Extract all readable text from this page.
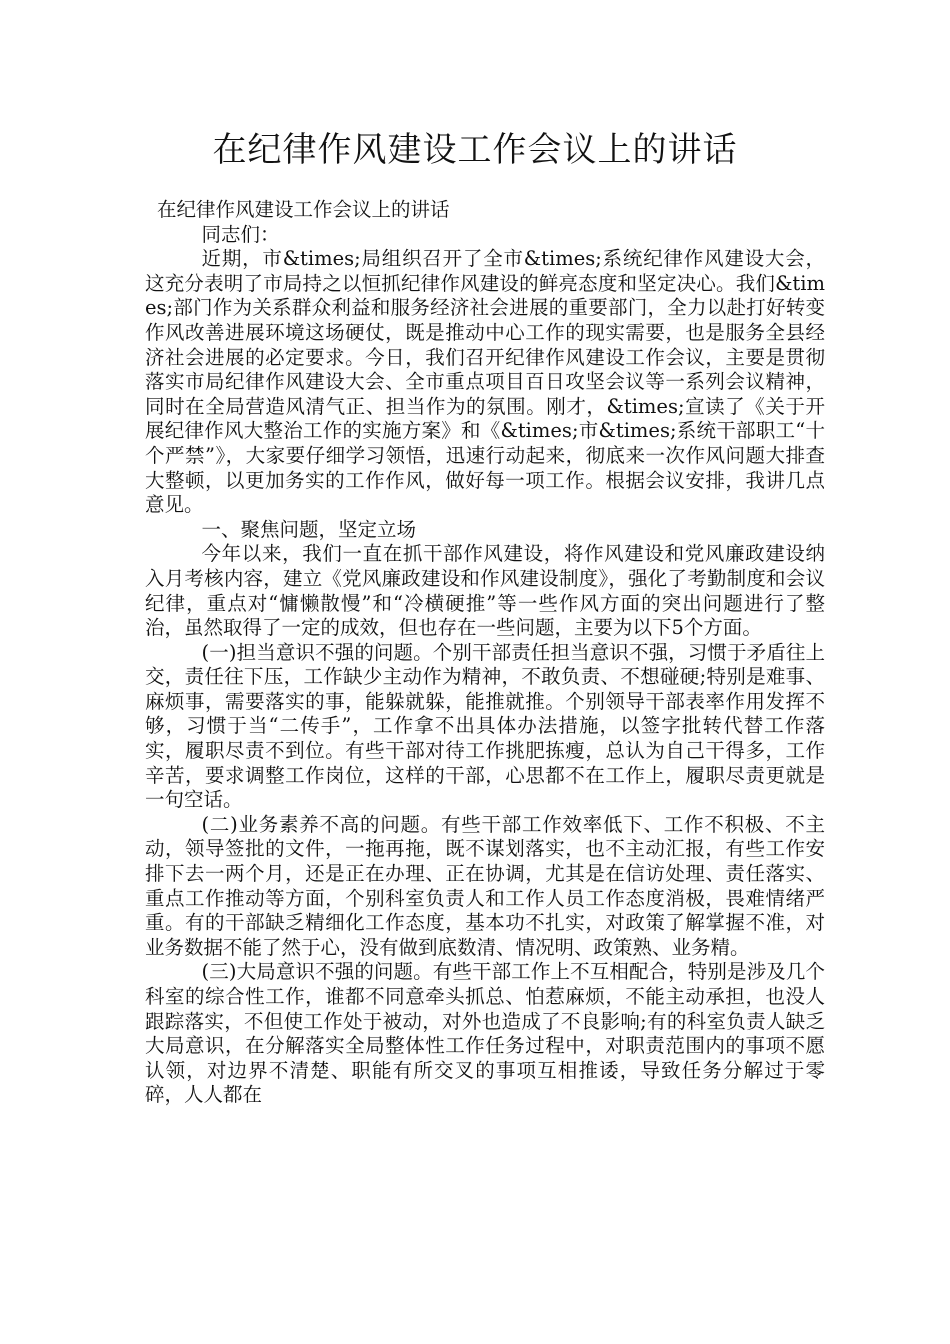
在纪律作风建设工作会议上的讲话

在纪律作风建设工作会议上的讲话

同志们：

近期，市&times;局组织召开了全市&times;系统纪律作风建设大会，这充分表明了市局持之以恒抓纪律作风建设的鲜亮态度和坚定决心。我们&times;部门作为关系群众利益和服务经济社会进展的重要部门，全力以赴打好转变作风改善进展环境这场硬仗，既是推动中心工作的现实需要，也是服务全县经济社会进展的必定要求。今日，我们召开纪律作风建设工作会议，主要是贯彻落实市局纪律作风建设大会、全市重点项目百日攻坚会议等一系列会议精神，同时在全局营造风清气正、担当作为的氛围。刚才，&times;宣读了《关于开展纪律作风大整治工作的实施方案》和《&times;市&times;系统干部职工“十个严禁”》，大家要仔细学习领悟，迅速行动起来，彻底来一次作风问题大排查大整顿，以更加务实的工作作风，做好每一项工作。根据会议安排，我讲几点意见。

一、聚焦问题，坚定立场

今年以来，我们一直在抓干部作风建设，将作风建设和党风廉政建设纳入月考核内容，建立《党风廉政建设和作风建设制度》，强化了考勤制度和会议纪律，重点对“慵懒散慢”和“冷横硬推”等一些作风方面的突出问题进行了整治，虽然取得了一定的成效，但也存在一些问题，主要为以下5个方面。

(一)担当意识不强的问题。个别干部责任担当意识不强，习惯于矛盾往上交，责任往下压，工作缺少主动作为精神，不敢负责、不想碰硬;特别是难事、麻烦事，需要落实的事，能躲就躲，能推就推。个别领导干部表率作用发挥不够，习惯于当“二传手”，工作拿不出具体办法措施，以签字批转代替工作落实，履职尽责不到位。有些干部对待工作挑肥拣瘦，总认为自己干得多，工作辛苦，要求调整工作岗位，这样的干部，心思都不在工作上，履职尽责更就是一句空话。

(二)业务素养不高的问题。有些干部工作效率低下、工作不积极、不主动，领导签批的文件，一拖再拖，既不谋划落实，也不主动汇报，有些工作安排下去一两个月，还是正在办理、正在协调，尤其是在信访处理、责任落实、重点工作推动等方面，个别科室负责人和工作人员工作态度消极，畏难情绪严重。有的干部缺乏精细化工作态度，基本功不扎实，对政策了解掌握不准，对业务数据不能了然于心，没有做到底数清、情况明、政策熟、业务精。

(三)大局意识不强的问题。有些干部工作上不互相配合，特别是涉及几个科室的综合性工作，谁都不同意牵头抓总、怕惹麻烦，不能主动承担，也没人跟踪落实，不但使工作处于被动，对外也造成了不良影响;有的科室负责人缺乏大局意识，在分解落实全局整体性工作任务过程中，对职责范围内的事项不愿认领，对边界不清楚、职能有所交叉的事项互相推诿，导致任务分解过于零碎，人人都在
